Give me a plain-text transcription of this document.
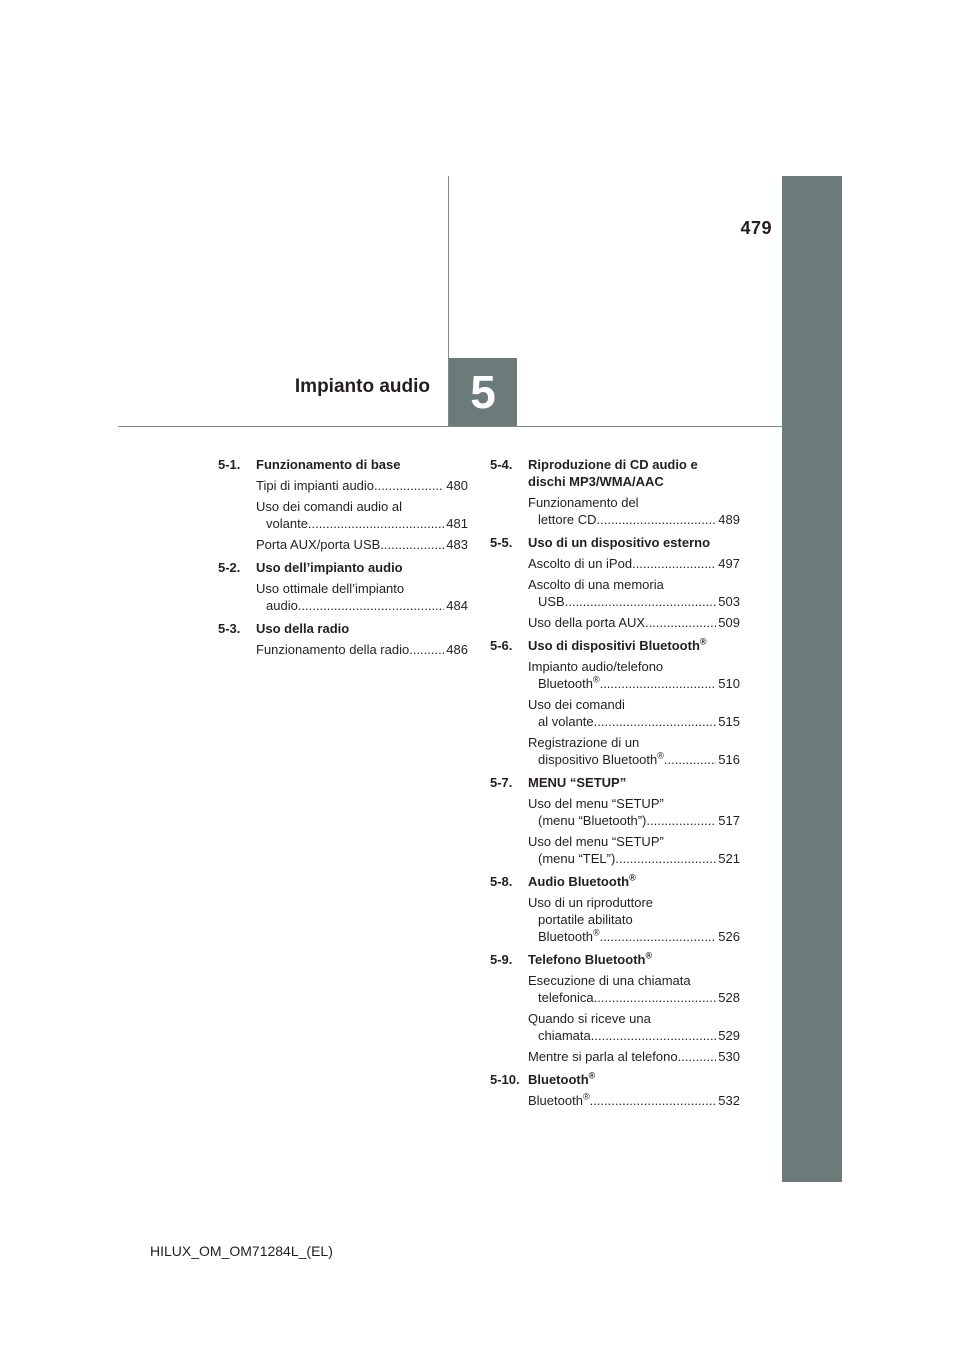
479
Impianto audio 5
5-1.	Funzionamento di base
Tipi di impianti audio .....	480
Uso dei comandi audio al
volante .....	481
Porta AUX/porta USB .....	483
5-2.	Uso dell’impianto audio
Uso ottimale dell’impianto
audio .....	484
5-3.	Uso della radio
Funzionamento della radio .....	486
5-4.	Riproduzione di CD audio e
dischi MP3/WMA/AAC
Funzionamento del
lettore CD .....	489
5-5.	Uso di un dispositivo esterno
Ascolto di un iPod .....	497
Ascolto di una memoria
USB .....	503
Uso della porta AUX .....	509
5-6.	Uso di dispositivi Bluetooth®
Impianto audio/telefono
Bluetooth® .....	510
Uso dei comandi
al volante .....	515
Registrazione di un
dispositivo Bluetooth® .....	516
5-7.	MENU “SETUP”
Uso del menu “SETUP”
(menu “Bluetooth”) .....	517
Uso del menu “SETUP”
(menu “TEL”) .....	521
5-8.	Audio Bluetooth®
Uso di un riproduttore
portatile abilitato
Bluetooth® .....	526
5-9.	Telefono Bluetooth®
Esecuzione di una chiamata
telefonica .....	528
Quando si riceve una
chiamata .....	529
Mentre si parla al telefono .....	530
5-10. Bluetooth®
Bluetooth® .....	532
HILUX_OM_OM71284L_(EL)
